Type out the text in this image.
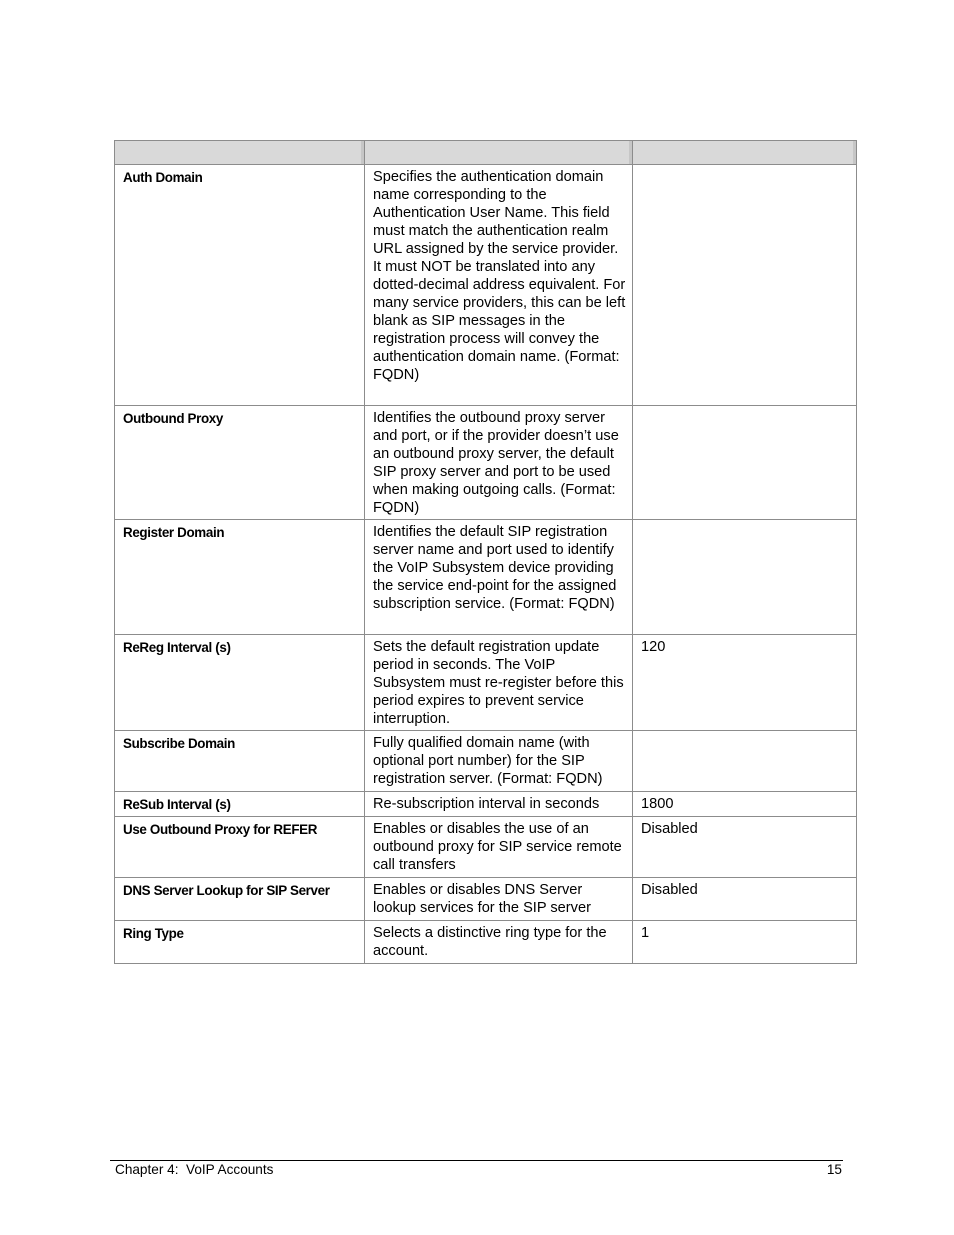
Auth Domain	Specifies the authentication domain name corresponding to the Authentication User Name. This field must match the authentication realm URL assigned by the service provider. It must NOT be translated into any dotted-decimal address equivalent. For many service providers, this can be left blank as SIP messages in the registration process will convey the authentication domain name. (Format: FQDN)	
Outbound Proxy	Identifies the outbound proxy server and port, or if the provider doesn’t use an outbound proxy server, the default SIP proxy server and port to be used when making outgoing calls. (Format: FQDN)	
Register Domain	Identifies the default SIP registration server name and port used to identify the VoIP Subsystem device providing the service end-point for the assigned subscription service. (Format: FQDN)	
ReReg Interval (s)	Sets the default registration update period in seconds. The VoIP Subsystem must re-register before this period expires to prevent service interruption.	120
Subscribe Domain	Fully qualified domain name (with optional port number) for the SIP registration server. (Format: FQDN)	
ReSub Interval (s)	Re-subscription interval in seconds	1800
Use Outbound Proxy for REFER	Enables or disables the use of an outbound proxy for SIP service remote call transfers	Disabled
DNS Server Lookup for SIP Server	Enables or disables DNS Server lookup services for the SIP server	Disabled
Ring Type	Selects a distinctive ring type for the account.	1
Chapter 4:  VoIP Accounts	15
